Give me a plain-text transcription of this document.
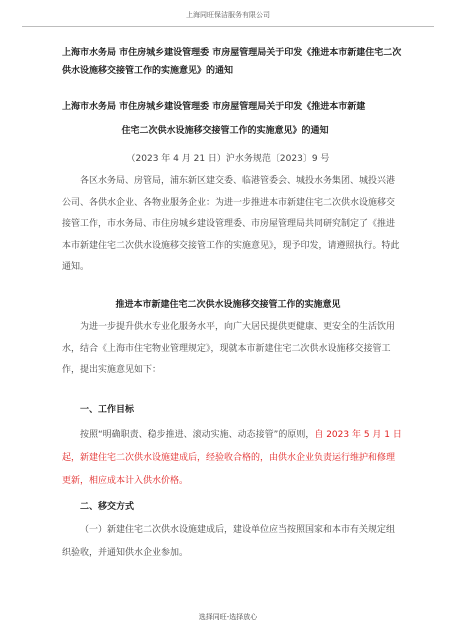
上海同旺保洁服务有限公司
上海市水务局 市住房城乡建设管理委 市房屋管理局关于印发《推进本市新建住宅二次供水设施移交接管工作的实施意见》的通知
上海市水务局 市住房城乡建设管理委 市房屋管理局关于印发《推进本市新建
住宅二次供水设施移交接管工作的实施意见》的通知
（2023 年 4 月 21 日）沪水务规范〔2023〕9 号
各区水务局、房管局，浦东新区建交委、临港管委会、城投水务集团、城投兴港公司、各供水企业、各物业服务企业：为进一步推进本市新建住宅二次供水设施移交接管工作，市水务局、市住房城乡建设管理委、市房屋管理局共同研究制定了《推进本市新建住宅二次供水设施移交接管工作的实施意见》，现予印发，请遵照执行。特此通知。
推进本市新建住宅二次供水设施移交接管工作的实施意见
为进一步提升供水专业化服务水平，向广大居民提供更健康、更安全的生活饮用水，结合《上海市住宅物业管理规定》，现就本市新建住宅二次供水设施移交接管工作，提出实施意见如下：
一、工作目标
按照“明确职责、稳步推进、滚动实施、动态接管”的原则，自 2023 年 5 月 1 日起，新建住宅二次供水设施建成后，经验收合格的，由供水企业负责运行维护和修理更新，相应成本计入供水价格。
二、移交方式
（一）新建住宅二次供水设施建成后，建设单位应当按照国家和本市有关规定组织验收，并通知供水企业参加。
选择同旺-选择放心
